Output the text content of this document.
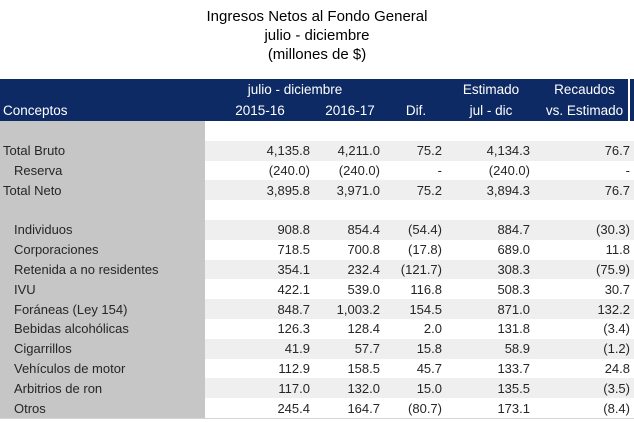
Ingresos Netos al Fondo General
julio - diciembre
(millones de $)
julio - diciembre	Estimado	Recaudos
Conceptos	2015-16	2016-17	Dif.	jul - dic	vs. Estimado
Total Bruto	4,135.8	4,211.0	75.2	4,134.3	76.7
Reserva	(240.0)	(240.0)	-	(240.0)	-
Total Neto	3,895.8	3,971.0	75.2	3,894.3	76.7
Individuos	908.8	854.4	(54.4)	884.7	(30.3)
Corporaciones	718.5	700.8	(17.8)	689.0	11.8
Retenida a no residentes	354.1	232.4	(121.7)	308.3	(75.9)
IVU	422.1	539.0	116.8	508.3	30.7
Foráneas (Ley 154)	848.7	1,003.2	154.5	871.0	132.2
Bebidas alcohólicas	126.3	128.4	2.0	131.8	(3.4)
Cigarrillos	41.9	57.7	15.8	58.9	(1.2)
Vehículos de motor	112.9	158.5	45.7	133.7	24.8
Arbitrios de ron	117.0	132.0	15.0	135.5	(3.5)
Otros	245.4	164.7	(80.7)	173.1	(8.4)
